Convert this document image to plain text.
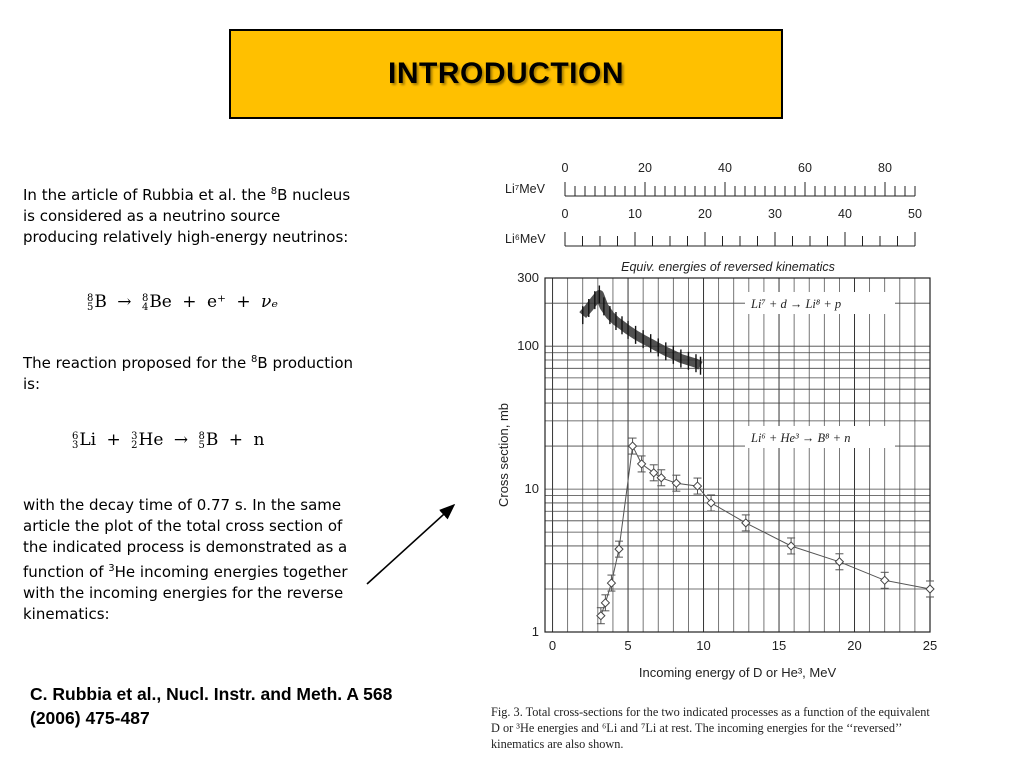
INTRODUCTION
In the article of Rubbia et al. the $^8$B nucleus is considered as a neutrino source producing relatively high-energy neutrinos:
8
5 B → 8
4 Be + e⁺ + νₑ
The reaction proposed for the $^8$B production is:
6
3 Li + 3
2 He → 8
5 B + n
with the decay time of 0.77 s. In the same article the plot of the total cross section of the indicated process is demonstrated as a function of $^3$He incoming energies together with the incoming energies for the reverse kinematics:
C. Rubbia et al., Nucl. Instr. and Meth. A 568 (2006) 475-487
0	5	10	15	20	25
1
10
100
300
Incoming energy of D or He³, MeV
Cross section, mb
Equiv. energies of reversed kinematics
Li⁷MeV
0	20	40	60	80
Li⁶MeV
0	10	20	30	40	50
Li⁷ + d → Li⁸ + p
Li⁶ + He³ → B⁸ + n
Fig. 3. Total cross-sections for the two indicated processes as a function of the equivalent D or ³He energies and ⁶Li and ⁷Li at rest. The incoming energies for the ‘‘reversed’’ kinematics are also shown.
